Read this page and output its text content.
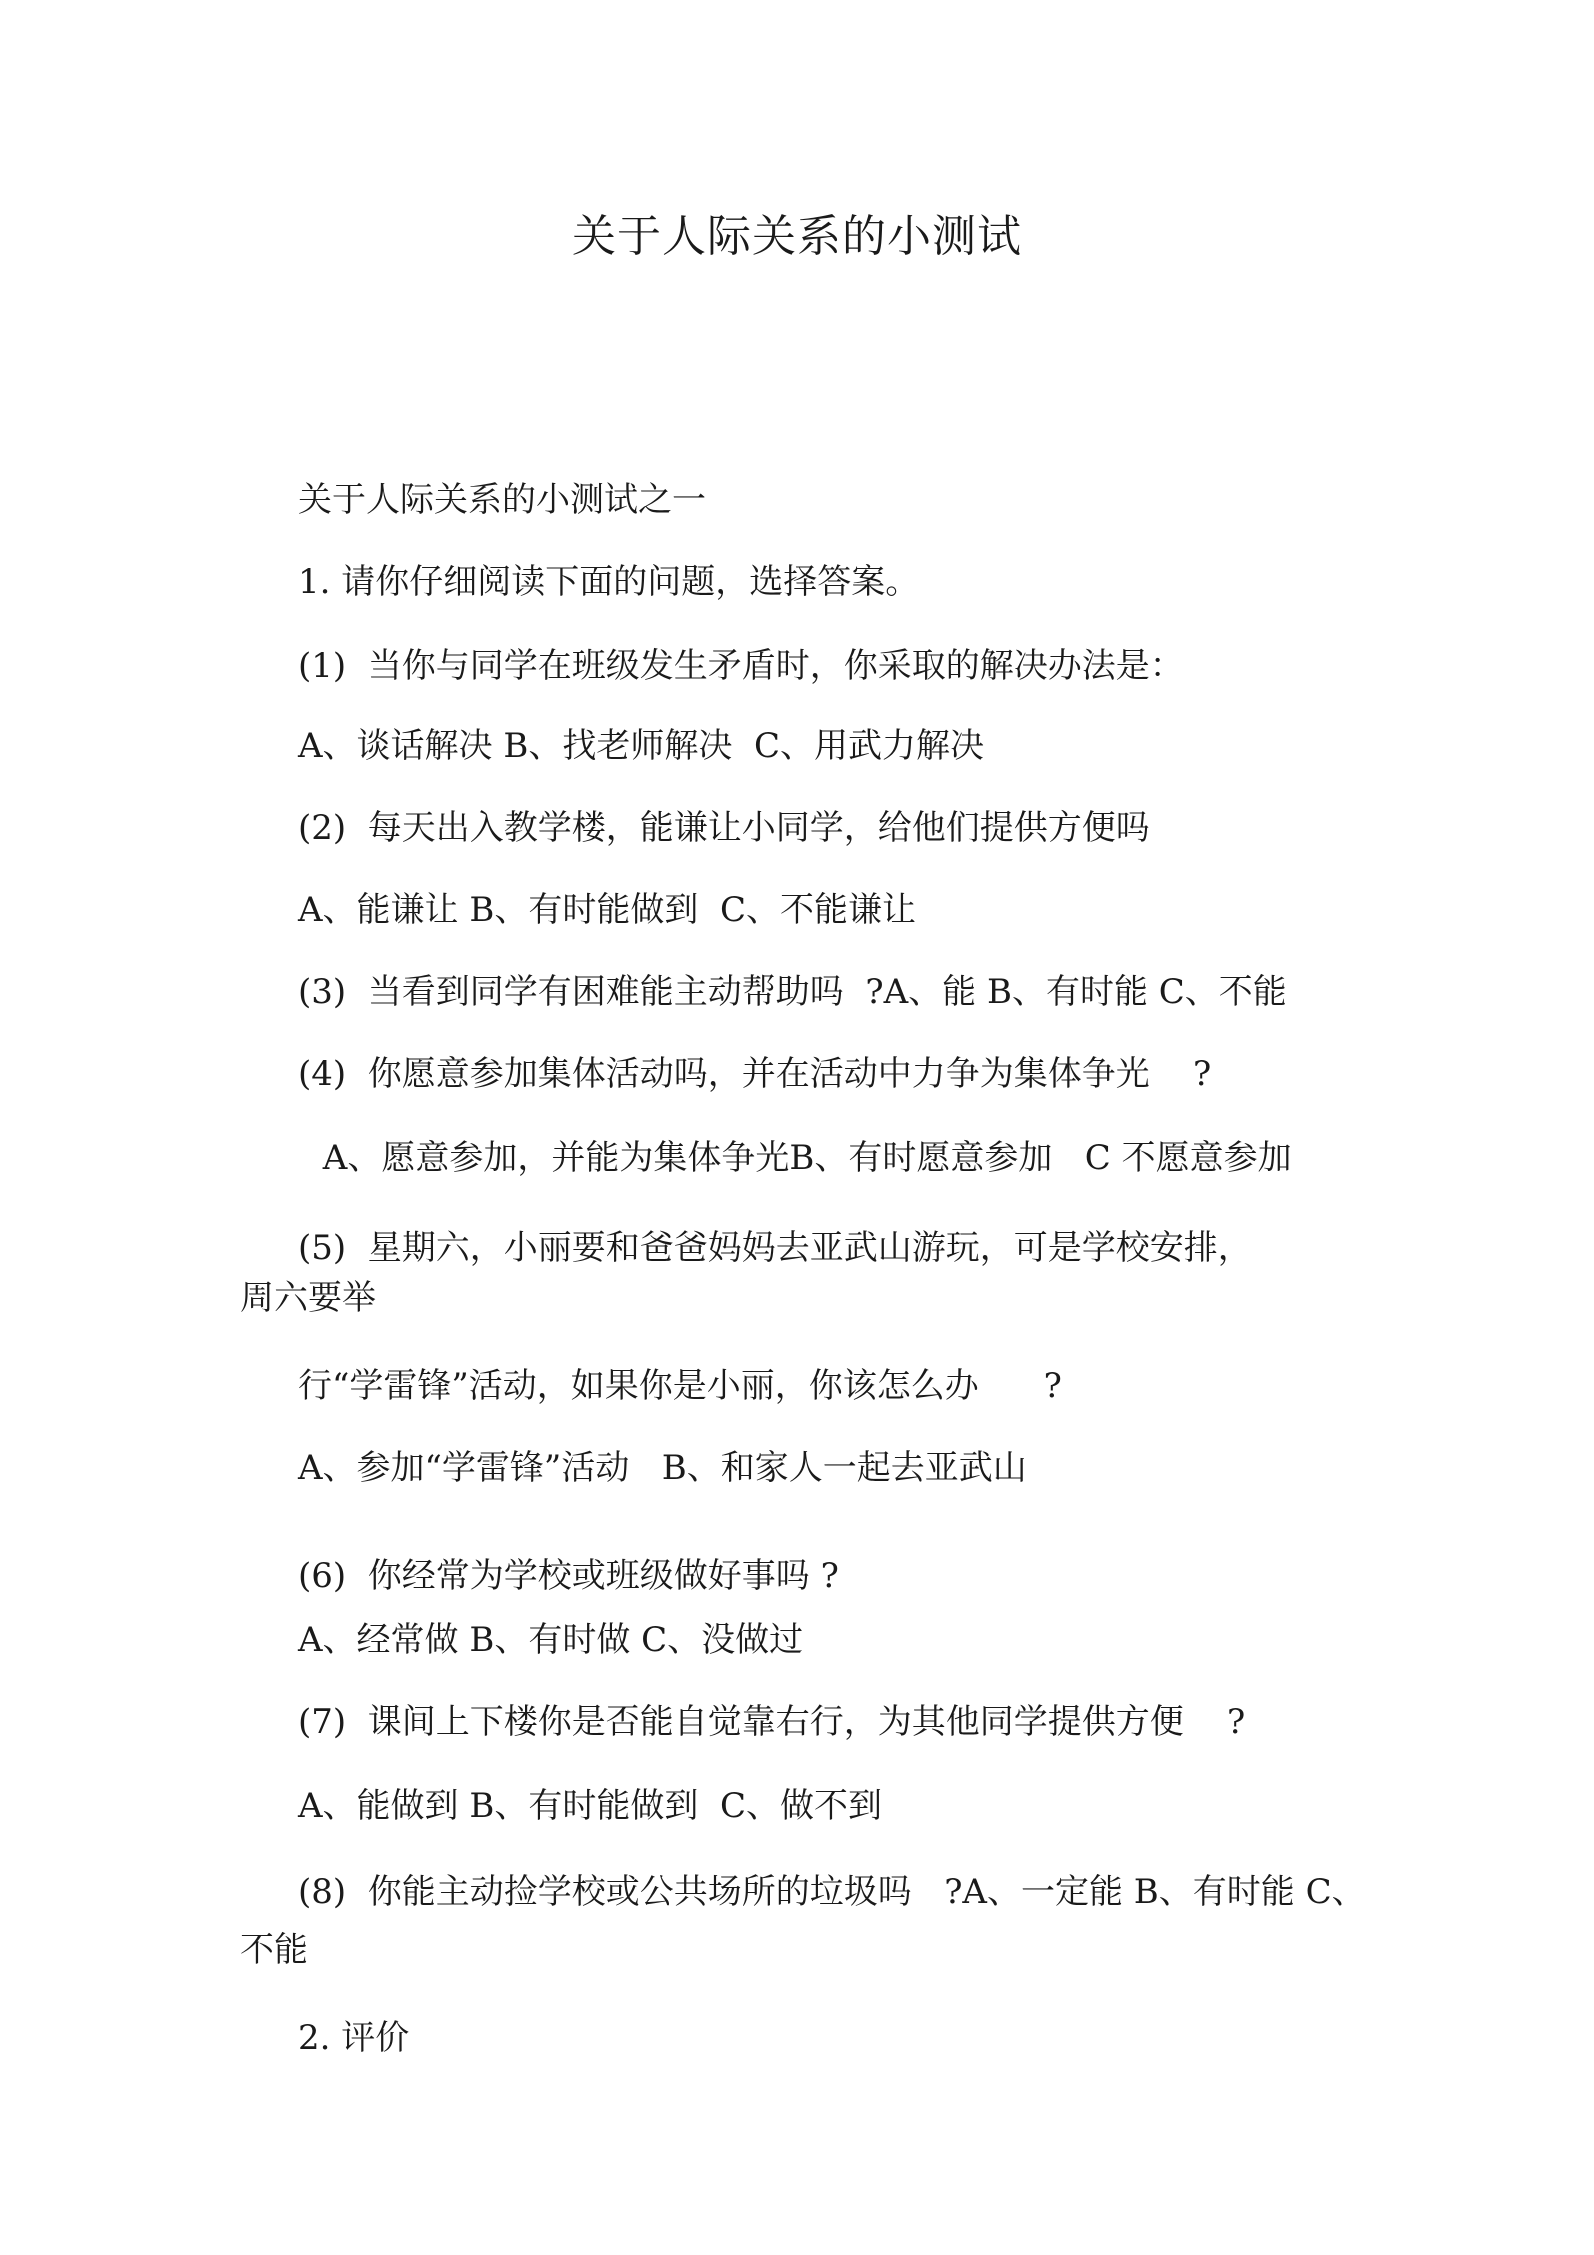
关于人际关系的小测试

关于人际关系的小测试之一

1. 请你仔细阅读下面的问题，选择答案。

(1)  当你与同学在班级发生矛盾时，你采取的解决办法是：

A、谈话解决 B、找老师解决  C、用武力解决

(2)  每天出入教学楼，能谦让小同学，给他们提供方便吗

A、能谦让 B、有时能做到  C、不能谦让

(3)  当看到同学有困难能主动帮助吗  ?A、能 B、有时能 C、不能

(4)  你愿意参加集体活动吗，并在活动中力争为集体争光    ?

A、愿意参加，并能为集体争光B、有时愿意参加   C 不愿意参加

(5)  星期六，小丽要和爸爸妈妈去亚武山游玩，可是学校安排，

周六要举

行“学雷锋”活动，如果你是小丽，你该怎么办      ?

A、参加“学雷锋”活动   B、和家人一起去亚武山

(6)  你经常为学校或班级做好事吗 ?

A、经常做 B、有时做 C、没做过

(7)  课间上下楼你是否能自觉靠右行，为其他同学提供方便    ?

A、能做到 B、有时能做到  C、做不到

(8)  你能主动捡学校或公共场所的垃圾吗   ?A、一定能 B、有时能 C、

不能

2. 评价
